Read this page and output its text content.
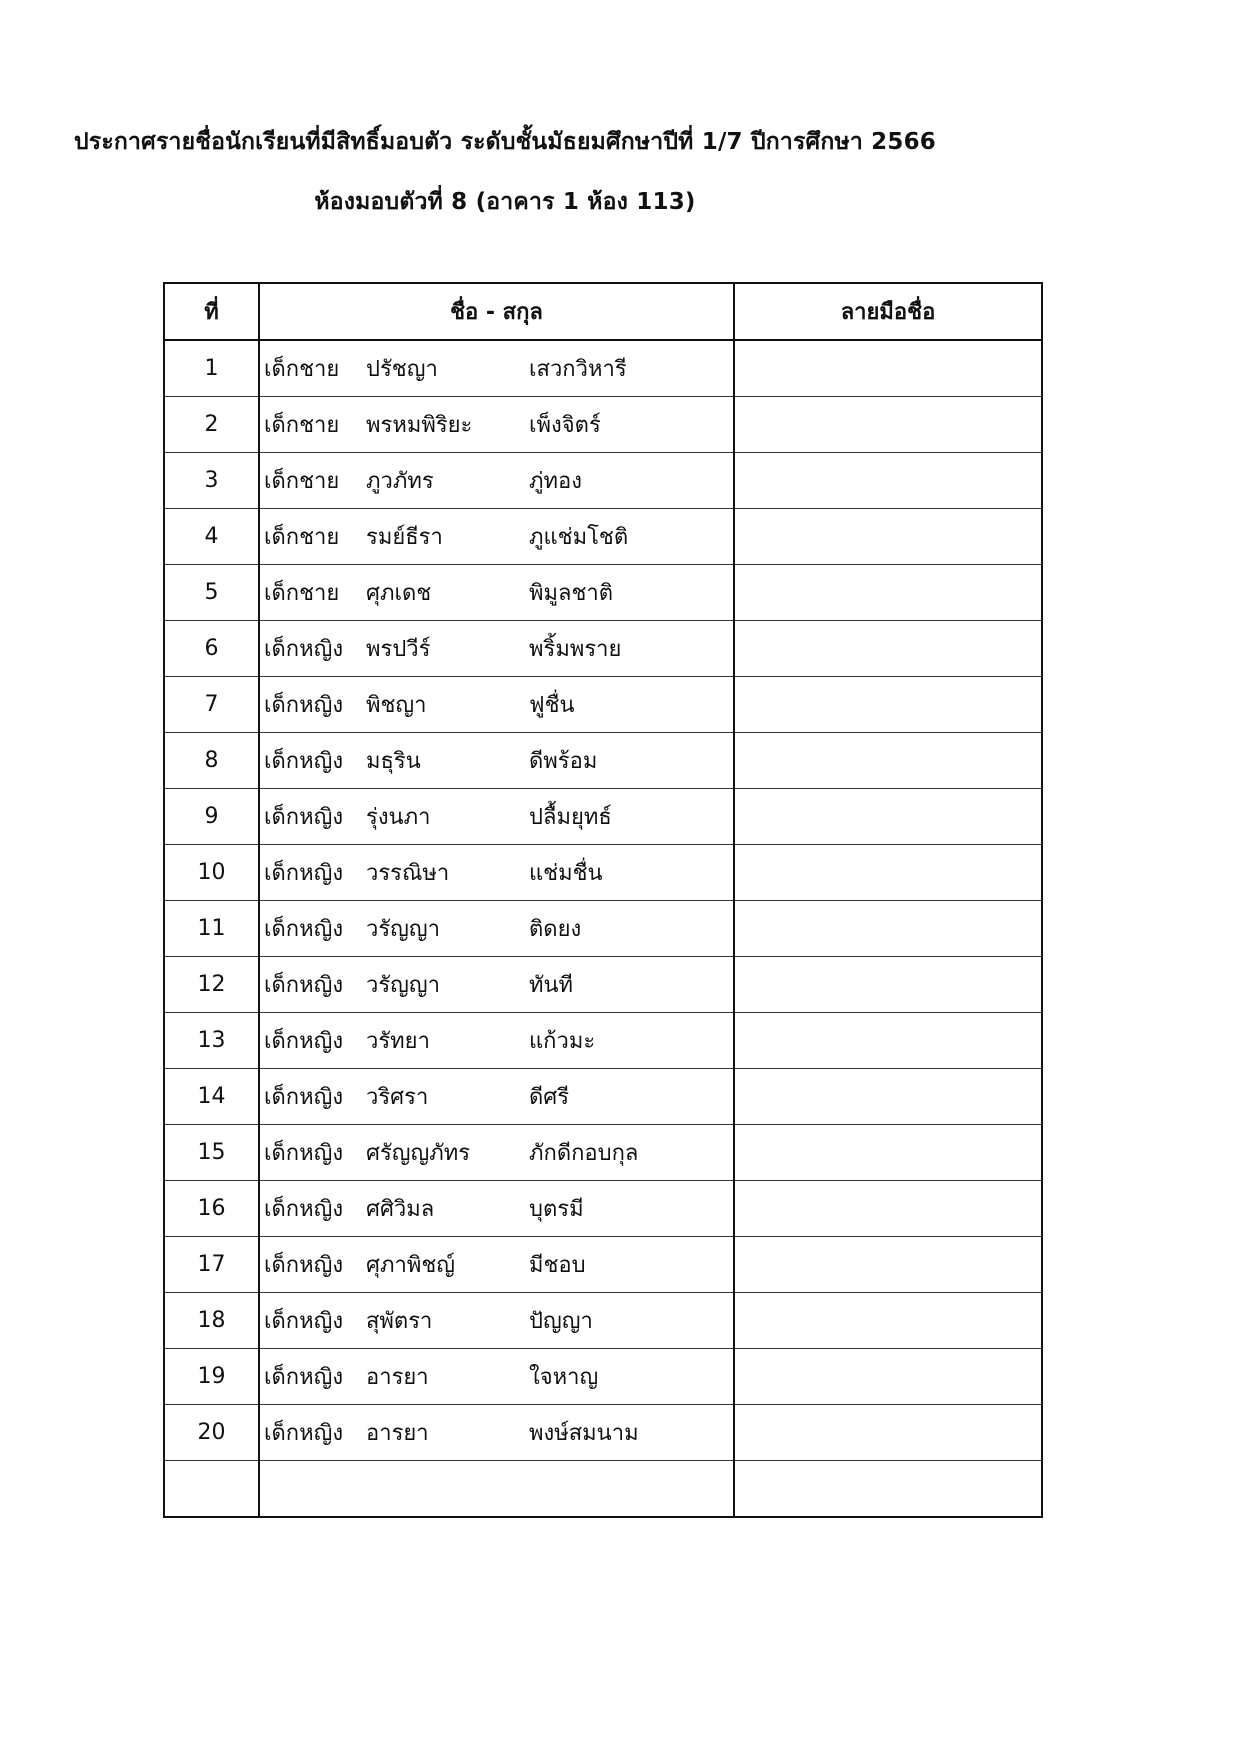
ประกาศรายชื่อนักเรียนที่มีสิทธิ์มอบตัว ระดับชั้นมัธยมศึกษาปีที่ 1/7 ปีการศึกษา 2566
ห้องมอบตัวที่ 8 (อาคาร 1 ห้อง 113)
ที่	ชื่อ - สกุล	ลายมือชื่อ
1	เด็กชาย ปรัชญา เสวกวิหารี	
2	เด็กชาย พรหมพิริยะ เพ็งจิตร์	
3	เด็กชาย ภูวภัทร ภู่ทอง	
4	เด็กชาย รมย์ธีรา ภูแช่มโชติ	
5	เด็กชาย ศุภเดช พิมูลชาติ	
6	เด็กหญิง พรปวีร์ พริ้มพราย	
7	เด็กหญิง พิชญา ฟูชื่น	
8	เด็กหญิง มธุริน ดีพร้อม	
9	เด็กหญิง รุ่งนภา ปลื้มยุทธ์	
10	เด็กหญิง วรรณิษา แช่มชื่น	
11	เด็กหญิง วรัญญา ติดยง	
12	เด็กหญิง วรัญญา ทันที	
13	เด็กหญิง วรัทยา แก้วมะ	
14	เด็กหญิง วริศรา ดีศรี	
15	เด็กหญิง ศรัญญภัทร ภักดีกอบกุล	
16	เด็กหญิง ศศิวิมล บุตรมี	
17	เด็กหญิง ศุภาพิชญ์ มีชอบ	
18	เด็กหญิง สุพัตรา ปัญญา	
19	เด็กหญิง อารยา ใจหาญ	
20	เด็กหญิง อารยา พงษ์สมนาม	
